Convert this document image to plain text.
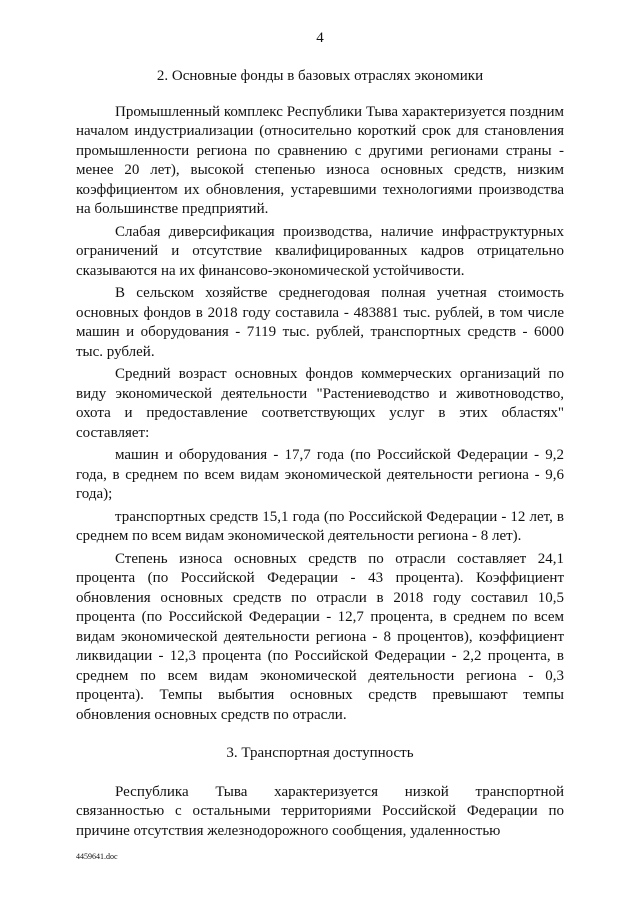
4

2. Основные фонды в базовых отраслях экономики

Промышленный комплекс Республики Тыва характеризуется поздним началом индустриализации (относительно короткий срок для становления промышленности региона по сравнению с другими регионами страны - менее 20 лет), высокой степенью износа основных средств, низким коэффициентом их обновления, устаревшими технологиями производства на большинстве предприятий.

Слабая диверсификация производства, наличие инфраструктурных ограничений и отсутствие квалифицированных кадров отрицательно сказываются на их финансово-экономической устойчивости.

В сельском хозяйстве среднегодовая полная учетная стоимость основных фондов в 2018 году составила - 483881 тыс. рублей, в том числе машин и оборудования - 7119 тыс. рублей, транспортных средств - 6000 тыс. рублей.

Средний возраст основных фондов коммерческих организаций по виду экономической деятельности "Растениеводство и животноводство, охота и предоставление соответствующих услуг в этих областях" составляет:

машин и оборудования - 17,7 года (по Российской Федерации - 9,2 года, в среднем по всем видам экономической деятельности региона - 9,6 года);

транспортных средств 15,1 года (по Российской Федерации - 12 лет, в среднем по всем видам экономической деятельности региона - 8 лет).

Степень износа основных средств по отрасли составляет 24,1 процента (по Российской Федерации - 43 процента). Коэффициент обновления основных средств по отрасли в 2018 году составил 10,5 процента (по Российской Федерации - 12,7 процента, в среднем по всем видам экономической деятельности региона - 8 процентов), коэффициент ликвидации - 12,3 процента (по Российской Федерации - 2,2 процента, в среднем по всем видам экономической деятельности региона - 0,3 процента). Темпы выбытия основных средств превышают темпы обновления основных средств по отрасли.

3. Транспортная доступность

Республика Тыва характеризуется низкой транспортной связанностью с остальными территориями Российской Федерации по причине отсутствия железнодорожного сообщения, удаленностью

4459641.doc
